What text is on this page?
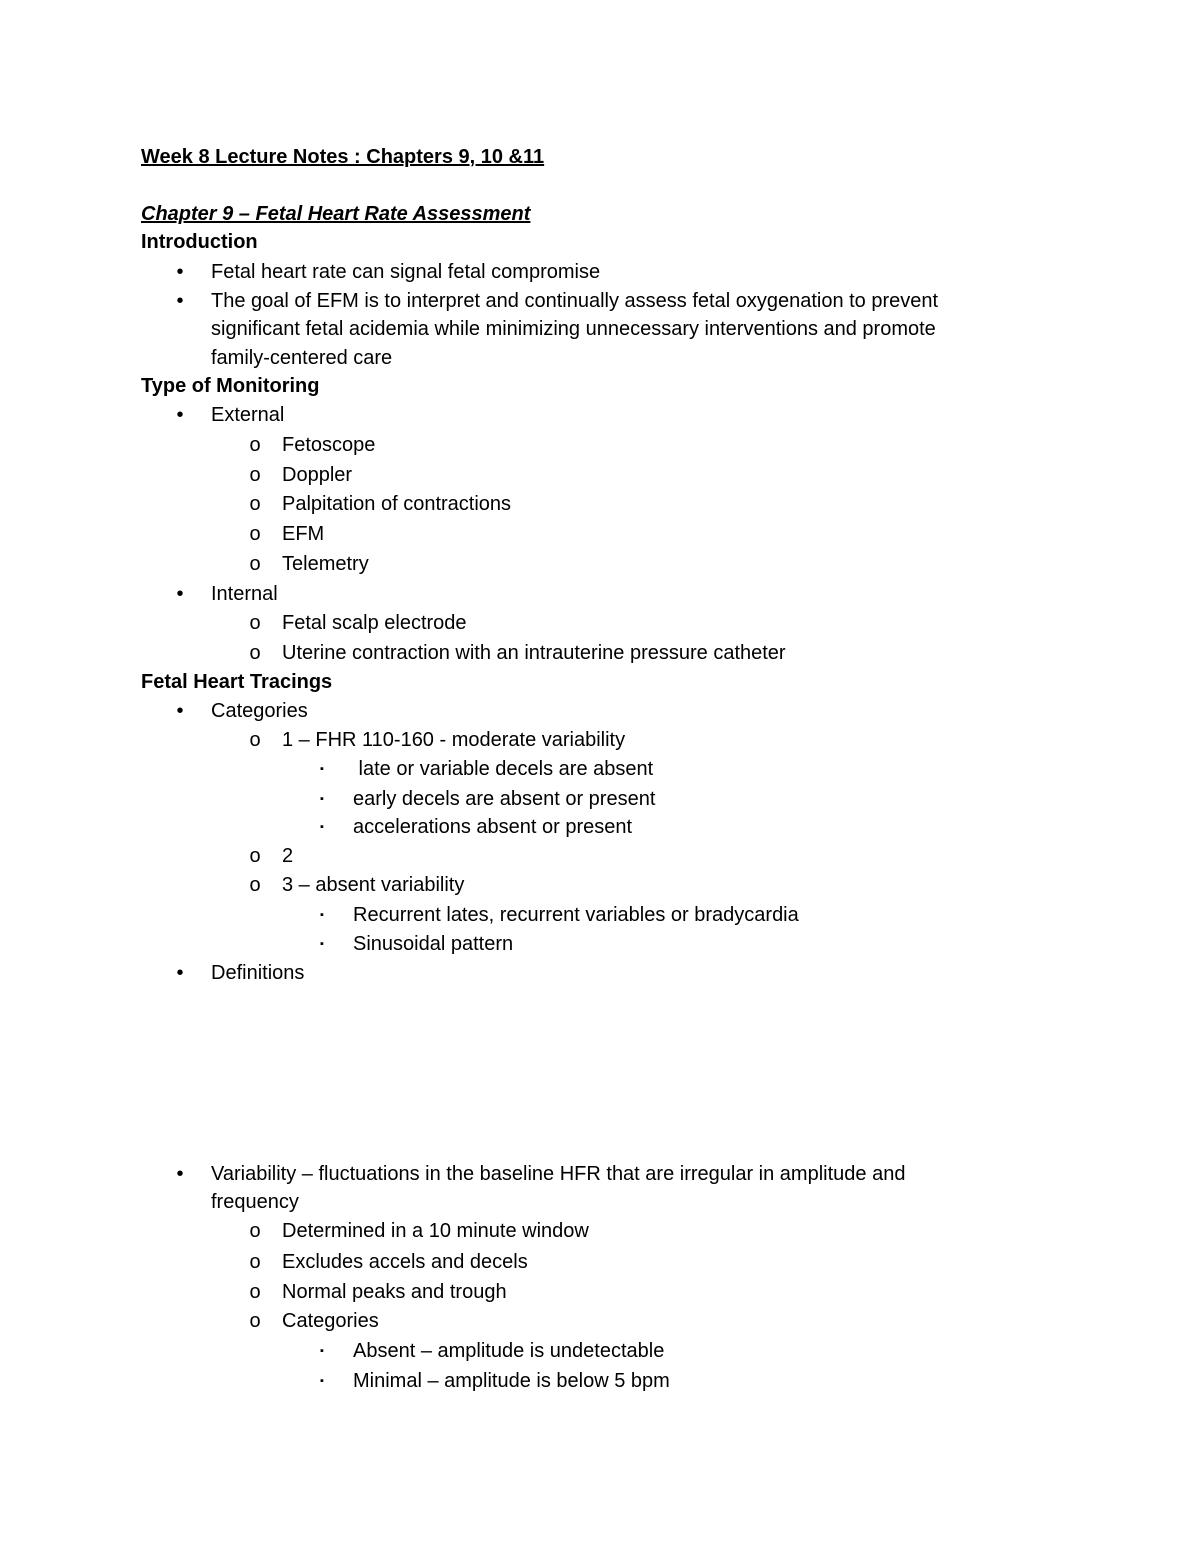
Week 8 Lecture Notes : Chapters 9, 10 &11
Chapter 9 – Fetal Heart Rate Assessment
Introduction
•	Fetal heart rate can signal fetal compromise
•	The goal of EFM is to interpret and continually assess fetal oxygenation to prevent
significant fetal acidemia while minimizing unnecessary interventions and promote
family-centered care
Type of Monitoring
•	External
o Fetoscope
o Doppler
o Palpitation of contractions
o EFM
o Telemetry
•	Internal
o Fetal scalp electrode
o Uterine contraction with an intrauterine pressure catheter
Fetal Heart Tracings
•	Categories
o 1 – FHR 110-160 - moderate variability
▪	late or variable decels are absent
▪	early decels are absent or present
▪	accelerations absent or present
o 2
o 3 – absent variability
▪	Recurrent lates, recurrent variables or bradycardia
▪	Sinusoidal pattern
•	Definitions
•	Variability – fluctuations in the baseline HFR that are irregular in amplitude and
frequency
o Determined in a 10 minute window
o Excludes accels and decels
o Normal peaks and trough
o Categories
▪	Absent – amplitude is undetectable
▪	Minimal – amplitude is below 5 bpm
